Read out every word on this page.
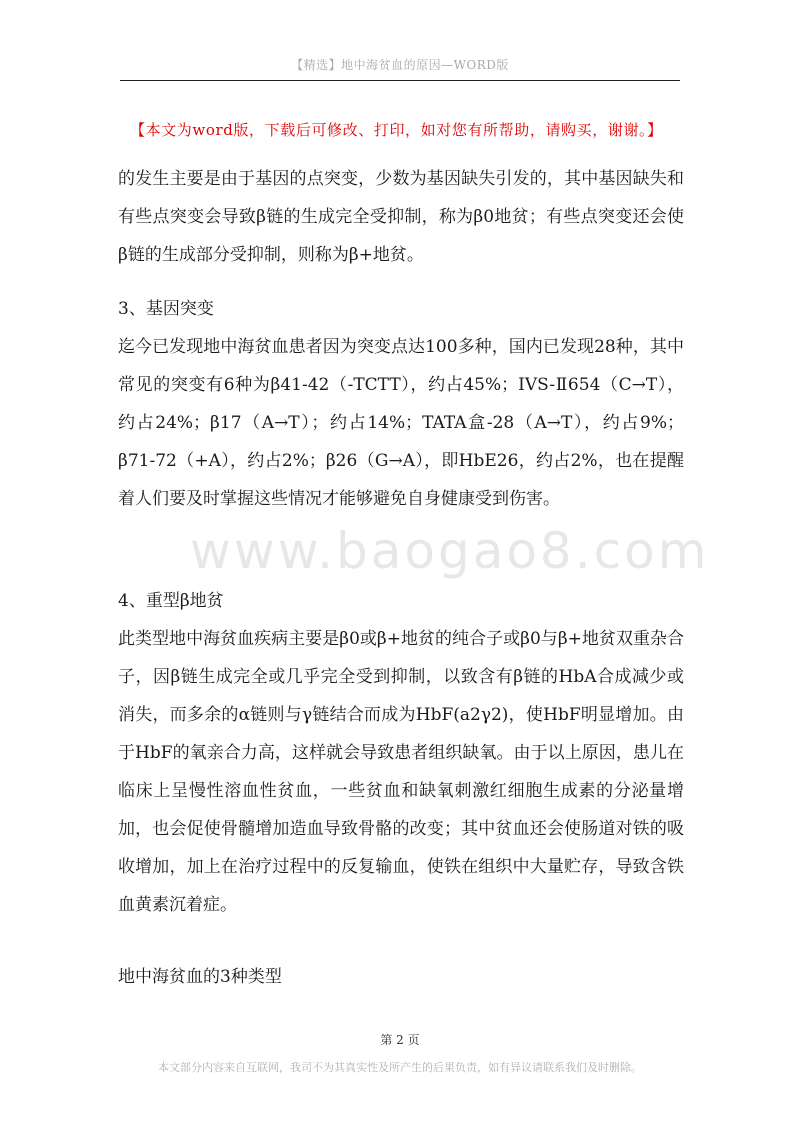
【精选】地中海贫血的原因—WORD版
【本文为word版，下载后可修改、打印，如对您有所帮助，请购买，谢谢。】
的发生主要是由于基因的点突变，少数为基因缺失引发的，其中基因缺失和有些点突变会导致β链的生成完全受抑制，称为β0地贫；有些点突变还会使β链的生成部分受抑制，则称为β+地贫。
3、基因突变
迄今已发现地中海贫血患者因为突变点达100多种，国内已发现28种，其中常见的突变有6种为β41-42（-TCTT），约占45%；IVS-Ⅱ654（C→T），约占24%；β17（A→T）；约占14%；TATA盒-28（A→T），约占9%；β71-72（+A），约占2%；β26（G→A），即HbE26，约占2%，也在提醒着人们要及时掌握这些情况才能够避免自身健康受到伤害。
www.baogao8.com
4、重型β地贫
此类型地中海贫血疾病主要是β0或β+地贫的纯合子或β0与β+地贫双重杂合子，因β链生成完全或几乎完全受到抑制，以致含有β链的HbA合成减少或消失，而多余的α链则与γ链结合而成为HbF(a2γ2)，使HbF明显增加。由于HbF的氧亲合力高，这样就会导致患者组织缺氧。由于以上原因，患儿在临床上呈慢性溶血性贫血，一些贫血和缺氧刺激红细胞生成素的分泌量增加，也会促使骨髓增加造血导致骨骼的改变；其中贫血还会使肠道对铁的吸收增加，加上在治疗过程中的反复输血，使铁在组织中大量贮存，导致含铁血黄素沉着症。
地中海贫血的3种类型
第 2 页
本文部分内容来自互联网，我司不为其真实性及所产生的后果负责，如有异议请联系我们及时删除。
